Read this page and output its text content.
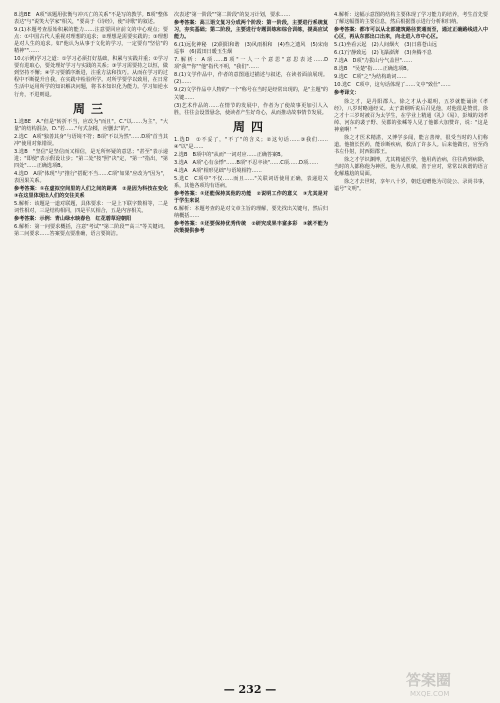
8.选BE　A项"该题用张衡与冲兴亡的关系"不是写的教学。B项"整体表达"与"说笑大学家"相关，"要高于《诗经》，使"诗歌"的叙述。

9.(1)本题考查原始积累的能力……注意要回应前文的中心观点；要点：①中国古代人重视对理想的追求；②理想是需要实践的；③理想是对人生的追求。如"他认为从事于文化的学习，一定要有"坚信"的精神""……

10.(示例)学习之道：①学习必须打好基础，积累与实践并重；②学习要有进取心，要处理好学习与实践的关系；③学习需要持之以恒，做到坚持不懈；④学习要循序渐进，注重方法和技巧。从而在学习的过程中不断提升自我，在实践中检验所学。对所学要学以致用，在日常生活中运用所学的知识解决问题，将书本知识化为能力。学习如逆水行舟，不进则退。

周三

1.选BE　A."但是"转折不当，应改为"而且"。C."以……为主"，"大量"的结构混杂，D."若……"句式杂糅，应删去"的"。

2.选C　A项"独善其身"与语境不符；B项"不以为然"……D项"首当其冲"使用对象错误。

3.选B　"坚信"是坚信而又相信，是无所怀疑的意思；"甚至"表示递进；"即使"表示假设让步；"第二处"按"照"决"定，"第一"指出，"第四处"……正确选项B。

4.选D　A项"体现"与"推行"搭配不当……C项"如果"应改为"因为"，表因果关系。

参考答案：①在虚拟空间里的人们之间的距离　②是因为科技在变化　③在这里体现出人们的交往关系

5.解析：该题是一道对联题，具体要求：一是上下联字数相等，二是词性相对，三是结构相同，四是平仄相合，五是内容相关。

参考答案：示例：青山绿水映春色　红花碧草迎朝阳

6.解析：第一问要求概括，注意"考试""第二阶段""高三"等关键词。第二问要求……答案要点要准确，语言要简洁。

次表述"第一阶段""第二阶段"的复习计划，要求……

参考答案：高三语文复习分成两个阶段：第一阶段，主要进行系统复习，夯实基础；第二阶段，主要进行专题训练和综合训练，提高应试能力。

6.(1)远化神秘　(2)阴阳和谐　(3)风雨相和　(4)叁之遗风　(5)宋南巡事　(6)霞田日暖玉生烟

7.解析：A项……B项"一人一个意思"意思表述……D项"我""你""他"指代不明，"我们"……

8.(1)文学作品中，作者的意图通过描述与叙述，在读者面前展现。(2)……

9.(2)文学作品中人物的"一个"称号在当时是经常出现的，是"主题"的关键……

(3)艺术作品的……在情节的发展中，作者为了使故事更加引人入胜，往往会设置悬念，使读者产生好奇心，从而推动故事情节发展。

周四

1.选D　①不妥了，"不了"的含义；②这句话……③我们……④"以"是……

2.选B　B项中的"从而"一词对应……正确答案B。

3.选A　A项"心有余悸"……B项"不忍卒读"……C项……D项……

4.选A　A项"相形见绌"与语境相符……

5.选C　C项中"不仅……而且……"关联词语使用正确，表递进关系，其他各项均有语病。

参考答案：①还能保持其他的功能　②说明工作的意义　③尤其是对于学生来说

6.解析：本题考查的是对文章主旨的理解，要先找出关键句，然后归纳概括……

参考答案：①还要保持优秀传统　②研究成果丰富多彩　③就不能为决策提供参考

4.解析：这幅示意图的结构主要体现了学习能力的培养，考生首先要了解这幅图的主要信息，然后根据图示进行分析和归纳。

参考答案：都市可以从北部建筑路径贯通而至，通过正确路线进入中心区，再从东部出口出来，向北进入市中心区。

5.(1)坐看云起　(2)人间烟火　(3)日暮苍山远

6.(1)宁静致远　(2)飞瀑澎湃　(3)奔腾不息

7.选A　D项"力拔山兮气盖世"……

8.选B　"吴楚"指……正确选项B。

9.选C　C项"之"为结构助词……

10.选C　C项中，这句话体现了……文中"致仕"……

参考译文：

徐之才，是丹阳郡人。徐之才从小聪明，五岁就能诵读《孝经》，八岁时略通经义。太子萧纲听说后召见他，对他很是赞赏。徐之才十三岁时被召为太学生，在学业上精通《礼》《易》，彭城的刘孝绰、河东的裴子野、吴郡的张嵊等人见了他都大加赞许，说："这是神童啊！"

徐之才医术精湛，又博学多闻，能言善辩，很受当时的人们称道。他擅长医药，能诊断疾病，救活了许多人。后来他做官，官至尚书左仆射，封西阳郡王。

徐之才学识渊博，尤其精通医学，他用药治病，往往药到病除，当时的人都称他为神医。他为人机敏，善于应对，常常以诙谐的语言化解尴尬的局面。

徐之才去世时，享年八十岁，朝廷追赠他为司徒公、录尚书事，谥号"文明"。

— 232 —
答案圈
MXQE.COM
